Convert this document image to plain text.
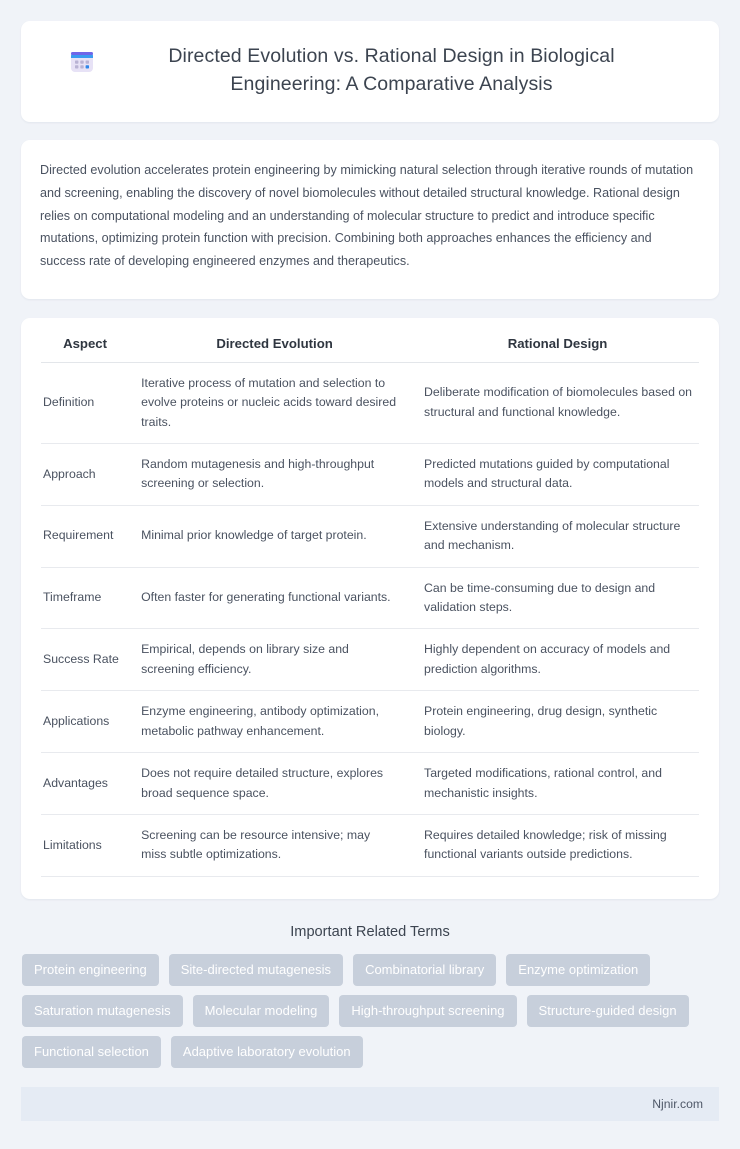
Directed Evolution vs. Rational Design in Biological Engineering: A Comparative Analysis

Directed evolution accelerates protein engineering by mimicking natural selection through iterative rounds of mutation and screening, enabling the discovery of novel biomolecules without detailed structural knowledge. Rational design relies on computational modeling and an understanding of molecular structure to predict and introduce specific mutations, optimizing protein function with precision. Combining both approaches enhances the efficiency and success rate of developing engineered enzymes and therapeutics.

Aspect	Directed Evolution	Rational Design
Definition	Iterative process of mutation and selection to evolve proteins or nucleic acids toward desired traits.	Deliberate modification of biomolecules based on structural and functional knowledge.
Approach	Random mutagenesis and high-throughput screening or selection.	Predicted mutations guided by computational models and structural data.
Requirement	Minimal prior knowledge of target protein.	Extensive understanding of molecular structure and mechanism.
Timeframe	Often faster for generating functional variants.	Can be time-consuming due to design and validation steps.
Success Rate	Empirical, depends on library size and screening efficiency.	Highly dependent on accuracy of models and prediction algorithms.
Applications	Enzyme engineering, antibody optimization, metabolic pathway enhancement.	Protein engineering, drug design, synthetic biology.
Advantages	Does not require detailed structure, explores broad sequence space.	Targeted modifications, rational control, and mechanistic insights.
Limitations	Screening can be resource intensive; may miss subtle optimizations.	Requires detailed knowledge; risk of missing functional variants outside predictions.
Important Related Terms
Protein engineering	Site-directed mutagenesis	Combinatorial library	Enzyme optimization
Saturation mutagenesis	Molecular modeling	High-throughput screening	Structure-guided design
Functional selection	Adaptive laboratory evolution
Njnir.com
